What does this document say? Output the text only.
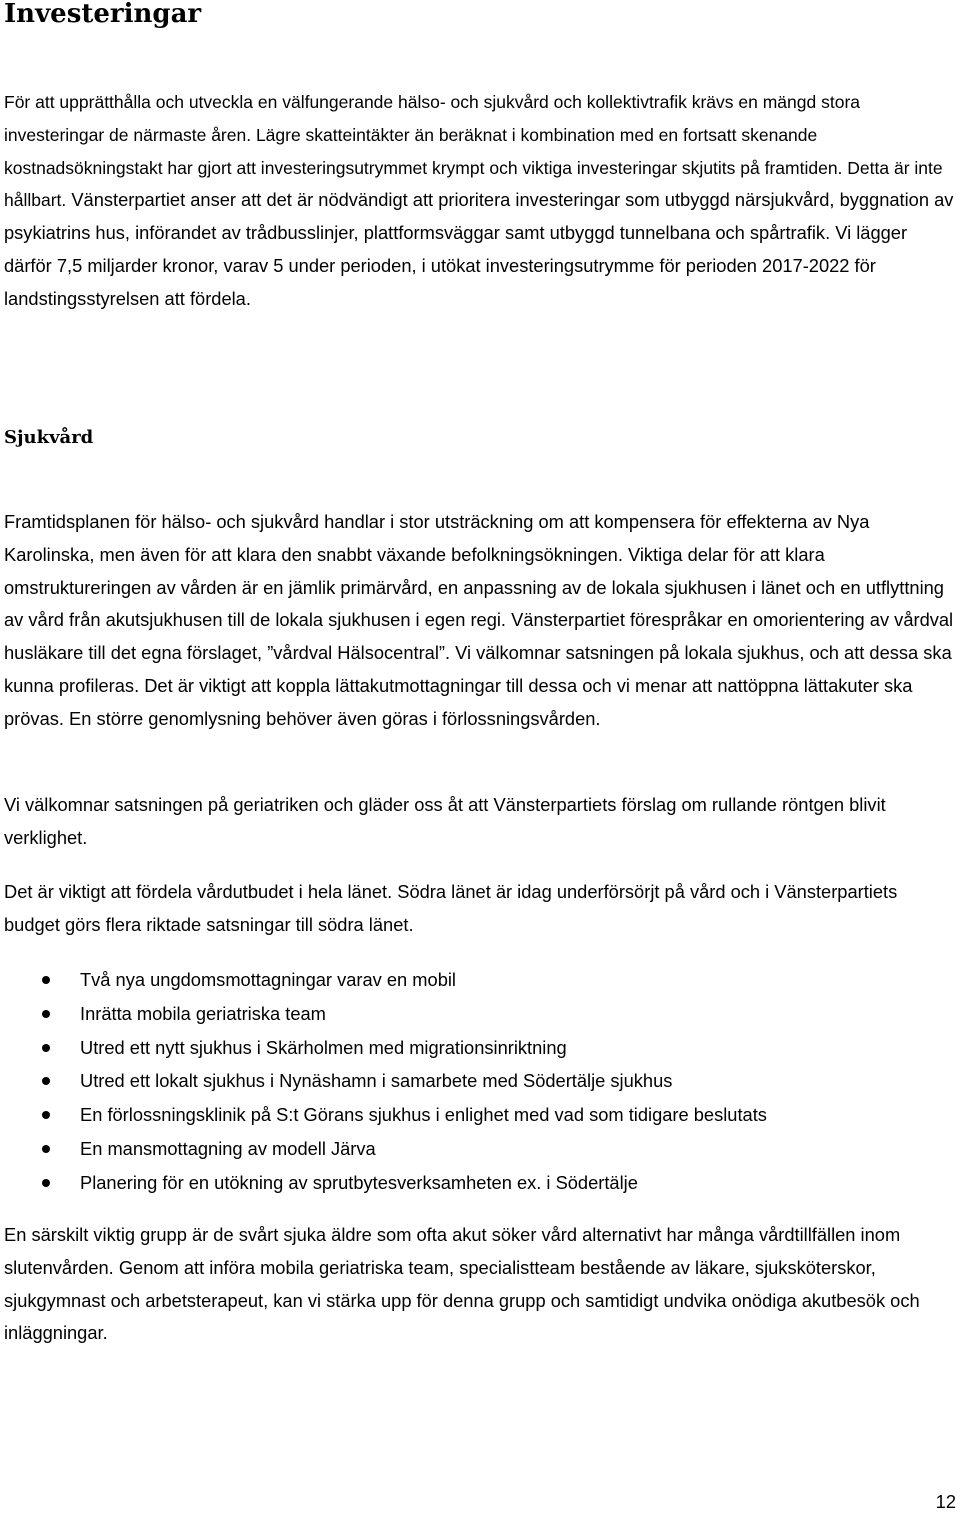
Investeringar

För att upprätthålla och utveckla en välfungerande hälso- och sjukvård och kollektivtrafik krävs en mängd stora investeringar de närmaste åren. Lägre skatteintäkter än beräknat i kombination med en fortsatt skenande kostnadsökningstakt har gjort att investeringsutrymmet krympt och viktiga investeringar skjutits på framtiden. Detta är inte hållbart. Vänsterpartiet anser att det är nödvändigt att prioritera investeringar som utbyggd närsjukvård, byggnation av psykiatrins hus, införandet av trådbusslinjer, plattformsväggar samt utbyggd tunnelbana och spårtrafik. Vi lägger därför 7,5 miljarder kronor, varav 5 under perioden, i utökat investeringsutrymme för perioden 2017-2022 för landstingsstyrelsen att fördela.

Sjukvård

Framtidsplanen för hälso- och sjukvård handlar i stor utsträckning om att kompensera för effekterna av Nya Karolinska, men även för att klara den snabbt växande befolkningsökningen. Viktiga delar för att klara omstruktureringen av vården är en jämlik primärvård, en anpassning av de lokala sjukhusen i länet och en utflyttning av vård från akutsjukhusen till de lokala sjukhusen i egen regi. Vänsterpartiet förespråkar en omorientering av vårdval husläkare till det egna förslaget, ”vårdval Hälsocentral”. Vi välkomnar satsningen på lokala sjukhus, och att dessa ska kunna profileras. Det är viktigt att koppla lättakutmottagningar till dessa och vi menar att nattöppna lättakuter ska prövas. En större genomlysning behöver även göras i förlossningsvården.

Vi välkomnar satsningen på geriatriken och gläder oss åt att Vänsterpartiets förslag om rullande röntgen blivit verklighet.

Det är viktigt att fördela vårdutbudet i hela länet. Södra länet är idag underförsörjt på vård och i Vänsterpartiets budget görs flera riktade satsningar till södra länet.

Två nya ungdomsmottagningar varav en mobil
Inrätta mobila geriatriska team
Utred ett nytt sjukhus i Skärholmen med migrationsinriktning
Utred ett lokalt sjukhus i Nynäshamn i samarbete med Södertälje sjukhus
En förlossningsklinik på S:t Görans sjukhus i enlighet med vad som tidigare beslutats
En mansmottagning av modell Järva
Planering för en utökning av sprutbytesverksamheten ex. i Södertälje

En särskilt viktig grupp är de svårt sjuka äldre som ofta akut söker vård alternativt har många vårdtillfällen inom slutenvården. Genom att införa mobila geriatriska team, specialistteam bestående av läkare, sjuksköterskor, sjukgymnast och arbetsterapeut, kan vi stärka upp för denna grupp och samtidigt undvika onödiga akutbesök och inläggningar.

12
